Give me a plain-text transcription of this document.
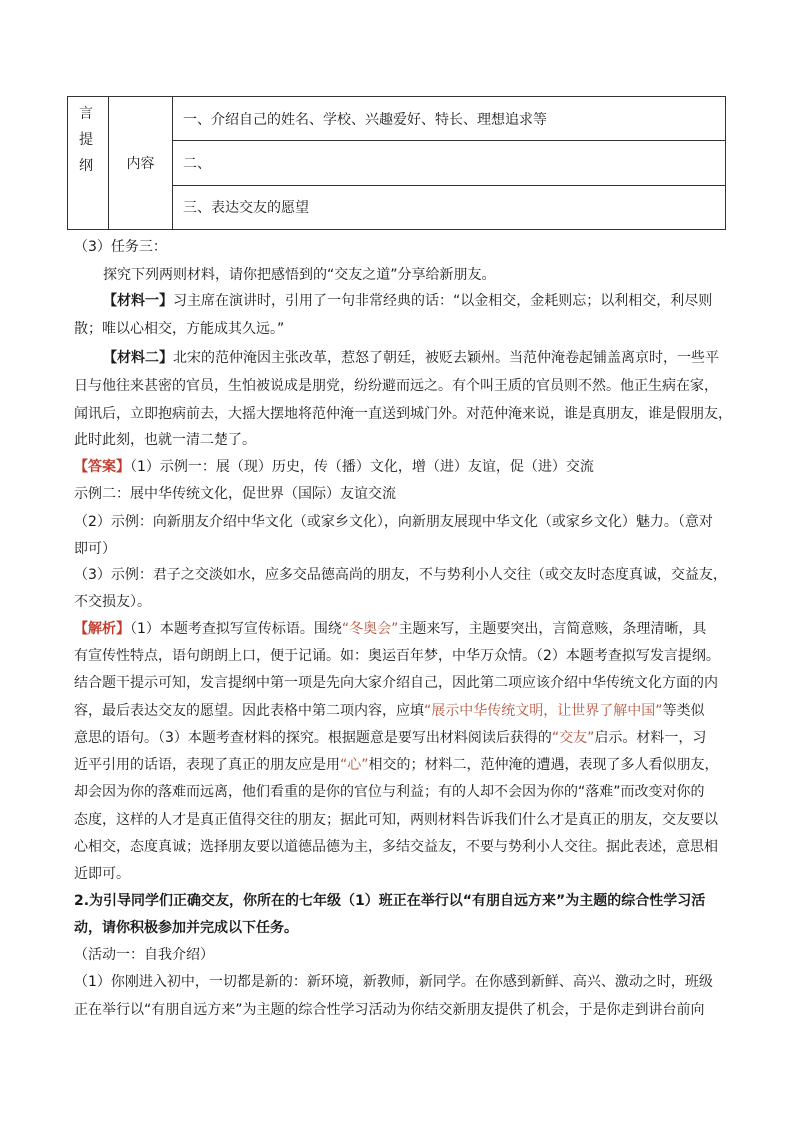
言
提
纲	内容	一、介绍自己的姓名、学校、兴趣爱好、特长、理想追求等
二、
三、表达交友的愿望
（3）任务三：
探究下列两则材料，请你把感悟到的“交友之道”分享给新朋友。
【材料一】习主席在演讲时，引用了一句非常经典的话：“以金相交，金耗则忘；以利相交，利尽则
散；唯以心相交，方能成其久远。”
【材料二】北宋的范仲淹因主张改革，惹怒了朝廷，被贬去颖州。当范仲淹卷起铺盖离京时，一些平
日与他往来甚密的官员，生怕被说成是朋党，纷纷避而远之。有个叫王质的官员则不然。他正生病在家，
闻讯后，立即抱病前去，大摇大摆地将范仲淹一直送到城门外。对范仲淹来说，谁是真朋友，谁是假朋友，
此时此刻，也就一清二楚了。
【答案】（1）示例一：展（现）历史，传（播）文化，增（进）友谊，促（进）交流
示例二：展中华传统文化，促世界（国际）友谊交流
（2）示例：向新朋友介绍中华文化（或家乡文化），向新朋友展现中华文化（或家乡文化）魅力。（意对
即可）
（3）示例：君子之交淡如水，应多交品德高尚的朋友，不与势利小人交往（或交友时态度真诚，交益友，
不交损友）。
【解析】（1）本题考查拟写宣传标语。围绕“冬奥会”主题来写，主题要突出，言简意赅，条理清晰，具
有宣传性特点，语句朗朗上口，便于记诵。如：奥运百年梦，中华万众情。（2）本题考查拟写发言提纲。
结合题干提示可知，发言提纲中第一项是先向大家介绍自己，因此第二项应该介绍中华传统文化方面的内
容，最后表达交友的愿望。因此表格中第二项内容，应填“展示中华传统文明，让世界了解中国”等类似
意思的语句。（3）本题考查材料的探究。根据题意是要写出材料阅读后获得的“交友”启示。材料一，习
近平引用的话语，表现了真正的朋友应是用“心”相交的；材料二，范仲淹的遭遇，表现了多人看似朋友，
却会因为你的落难而远离，他们看重的是你的官位与利益；有的人却不会因为你的“落难”而改变对你的
态度，这样的人才是真正值得交往的朋友；据此可知，两则材料告诉我们什么才是真正的朋友，交友要以
心相交，态度真诚；选择朋友要以道德品德为主，多结交益友，不要与势利小人交往。据此表述，意思相
近即可。
2.为引导同学们正确交友，你所在的七年级（1）班正在举行以“有朋自远方来”为主题的综合性学习活
动，请你积极参加并完成以下任务。
（活动一：自我介绍）
（1）你刚进入初中，一切都是新的：新环境，新教师，新同学。在你感到新鲜、高兴、激动之时，班级
正在举行以“有朋自远方来”为主题的综合性学习活动为你结交新朋友提供了机会，于是你走到讲台前向
